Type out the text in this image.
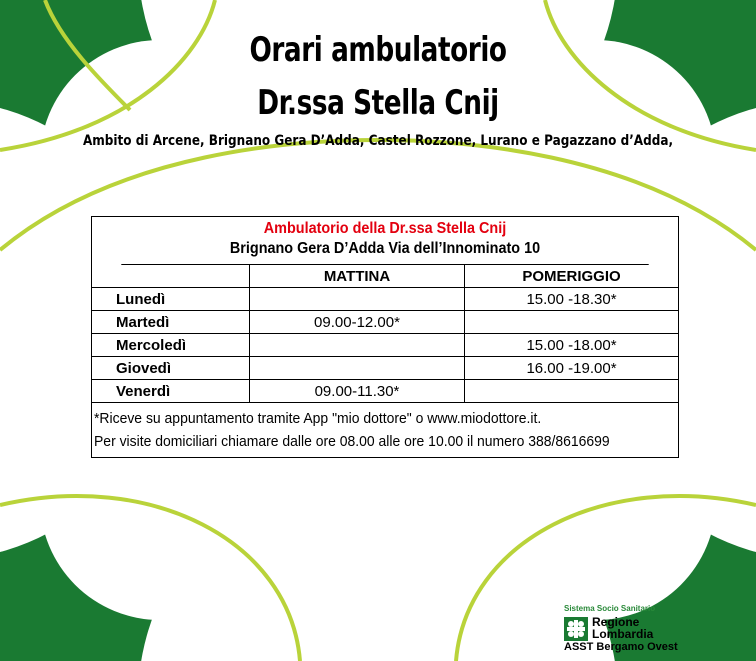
Orari ambulatorio
Dr.ssa Stella Cnij
Ambito di Arcene, Brignano Gera D’Adda, Castel Rozzone, Lurano e Pagazzano d’Adda,
Ambulatorio della Dr.ssa Stella Cnij
Brignano Gera D’Adda Via dell’Innominato 10
	MATTINA	POMERIGGIO
Lunedì		15.00 -18.30*
Martedì	09.00-12.00*	
Mercoledì		15.00 -18.00*
Giovedì		16.00 -19.00*
Venerdì	09.00-11.30*	
*Riceve su appuntamento tramite App "mio dottore" o www.miodottore.it.
Per visite domiciliari chiamare dalle ore 08.00 alle ore 10.00 il numero 388/8616699
Sistema Socio Sanitario
Regione
Lombardia
ASST Bergamo Ovest
